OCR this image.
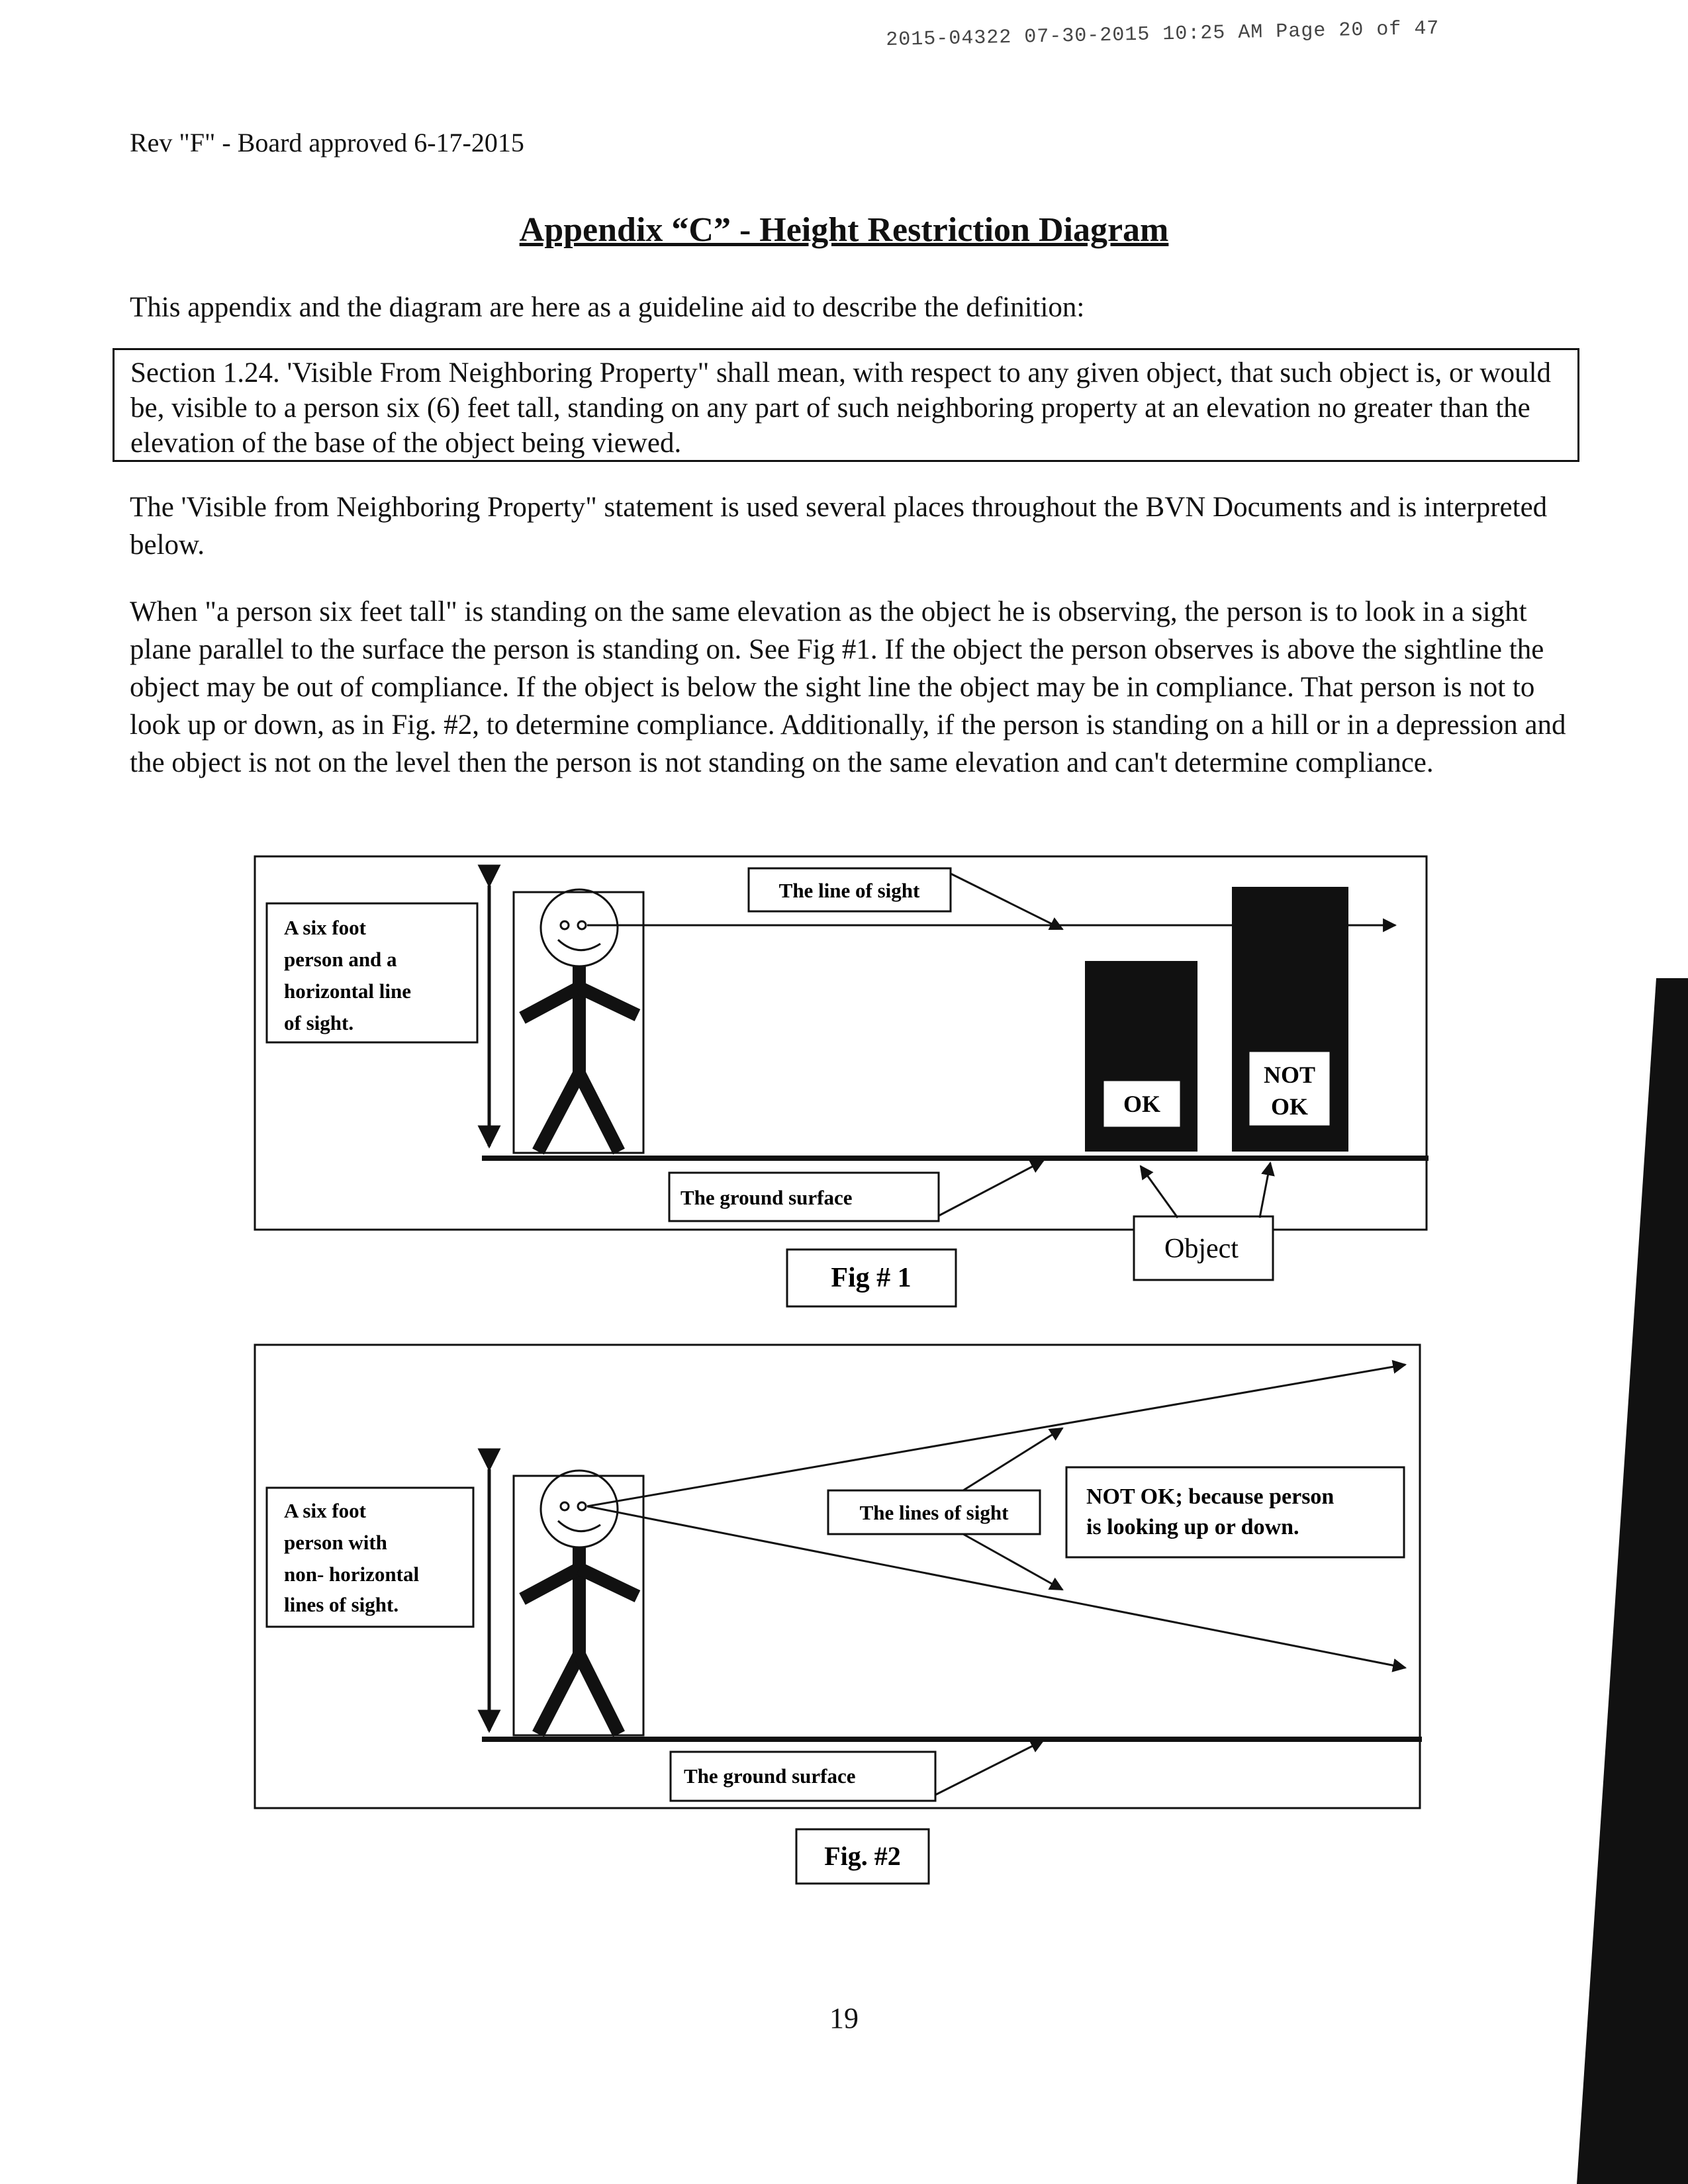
2015-04322 07-30-2015 10:25 AM Page 20 of 47
Rev "F" - Board approved 6-17-2015
Appendix “C” - Height Restriction Diagram
This appendix and the diagram are here as a guideline aid to describe the definition:
Section 1.24. 'Visible From Neighboring Property" shall mean, with respect to any given object, that such object is, or would be, visible to a person six (6) feet tall, standing on any part of such neighboring property at an elevation no greater than the elevation of the base of the object being viewed.
The 'Visible from Neighboring Property" statement is used several places throughout the BVN Documents and is interpreted below.
When "a person six feet tall" is standing on the same elevation as the object he is observing, the person is to look in a sight plane parallel to the surface the person is standing on. See Fig #1. If the object the person observes is above the sightline the object may be out of compliance. If the object is below the sight line the object may be in compliance. That person is not to look up or down, as in Fig. #2, to determine compliance. Additionally, if the person is standing on a hill or in a depression and the object is not on the level then the person is not standing on the same elevation and can't determine compliance.
A six foot
person and a
horizontal line
of sight.
The line of sight
OK
NOT
OK
The ground surface
Object
Fig # 1
A six foot
person with
non- horizontal
lines of sight.
The lines of sight
NOT OK; because person
is looking up or down.
The ground surface
Fig. #2
19
